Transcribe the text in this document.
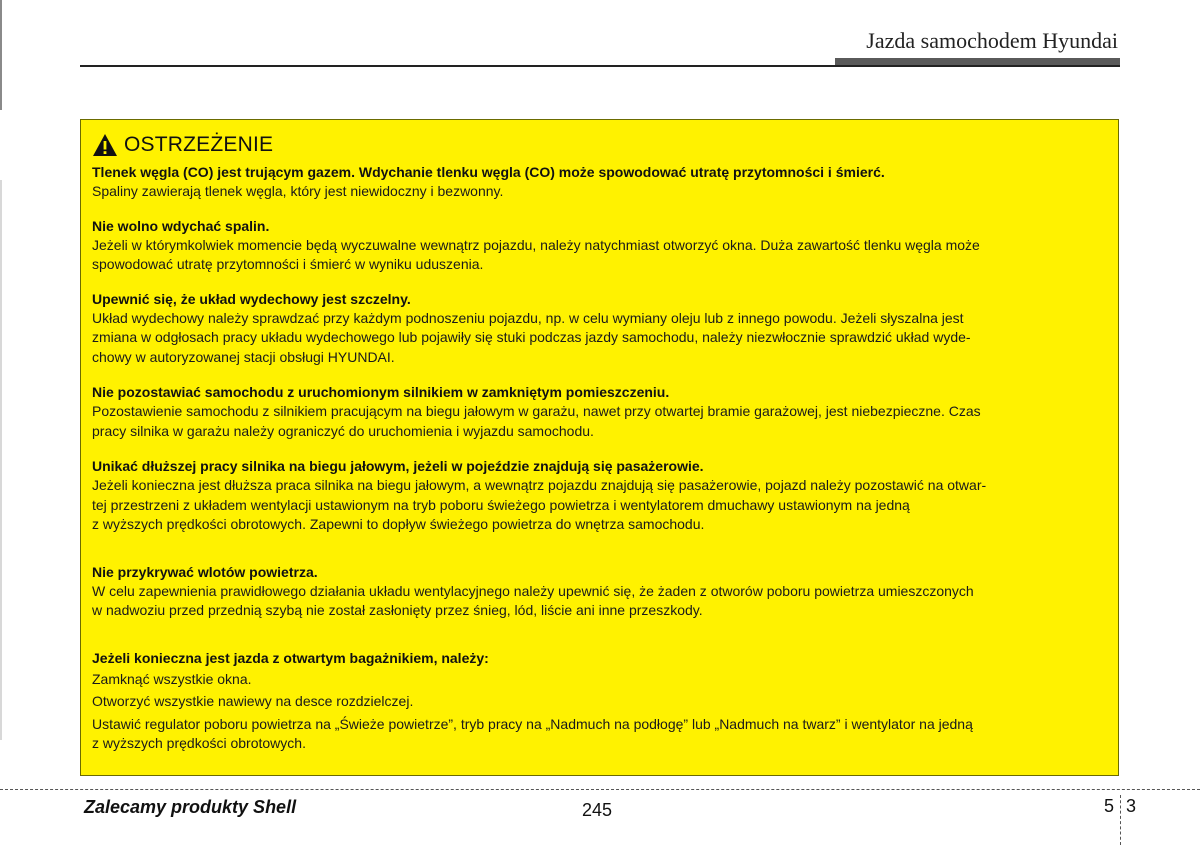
Jazda samochodem Hyundai
OSTRZEŻENIE

Tlenek węgla (CO) jest trującym gazem. Wdychanie tlenku węgla (CO) może spowodować utratę przytomności i śmierć.

Spaliny zawierają tlenek węgla, który jest niewidoczny i bezwonny.

Nie wolno wdychać spalin.

Jeżeli w którymkolwiek momencie będą wyczuwalne wewnątrz pojazdu, należy natychmiast otworzyć okna. Duża zawartość tlenku węgla może

spowodować utratę przytomności i śmierć w wyniku uduszenia.

Upewnić się, że układ wydechowy jest szczelny.

Układ wydechowy należy sprawdzać przy każdym podnoszeniu pojazdu, np. w celu wymiany oleju lub z innego powodu. Jeżeli słyszalna jest

zmiana w odgłosach pracy układu wydechowego lub pojawiły się stuki podczas jazdy samochodu, należy niezwłocznie sprawdzić układ wyde-

chowy w autoryzowanej stacji obsługi HYUNDAI.

Nie pozostawiać samochodu z uruchomionym silnikiem w zamkniętym pomieszczeniu.

Pozostawienie samochodu z silnikiem pracującym na biegu jałowym w garażu, nawet przy otwartej bramie garażowej, jest niebezpieczne. Czas

pracy silnika w garażu należy ograniczyć do uruchomienia i wyjazdu samochodu.

Unikać dłuższej pracy silnika na biegu jałowym, jeżeli w pojeździe znajdują się pasażerowie.

Jeżeli konieczna jest dłuższa praca silnika na biegu jałowym, a wewnątrz pojazdu znajdują się pasażerowie, pojazd należy pozostawić na otwar-

tej przestrzeni z układem wentylacji ustawionym na tryb poboru świeżego powietrza i wentylatorem dmuchawy ustawionym na jedną

z wyższych prędkości obrotowych. Zapewni to dopływ świeżego powietrza do wnętrza samochodu.

Nie przykrywać wlotów powietrza.

W celu zapewnienia prawidłowego działania układu wentylacyjnego należy upewnić się, że żaden z otworów poboru powietrza umieszczonych

w nadwoziu przed przednią szybą nie został zasłonięty przez śnieg, lód, liście ani inne przeszkody.

Jeżeli konieczna jest jazda z otwartym bagażnikiem, należy:

Zamknąć wszystkie okna.

Otworzyć wszystkie nawiewy na desce rozdzielczej.

Ustawić regulator poboru powietrza na „Świeże powietrze”, tryb pracy na „Nadmuch na podłogę” lub „Nadmuch na twarz” i wentylator na jedną

z wyższych prędkości obrotowych.

Zalecamy produkty Shell	245	5 3
